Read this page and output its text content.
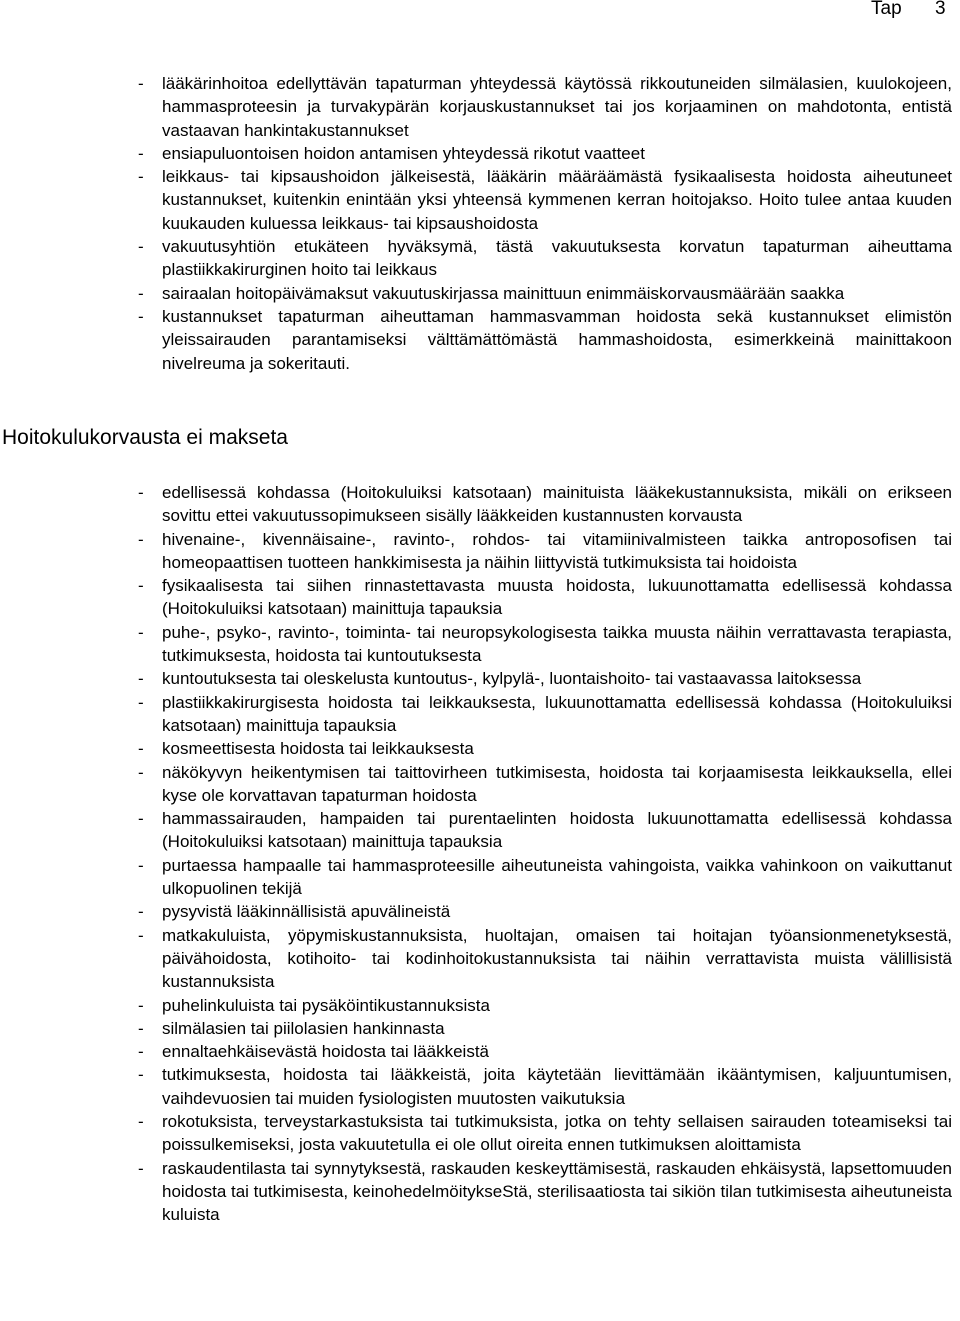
Tap 3
- lääkärinhoitoa edellyttävän tapaturman yhteydessä käytössä rikkoutuneiden silmälasien, kuulokojeen, hammasproteesin ja turvakypärän korjauskustannukset tai jos korjaaminen on mahdotonta, entistä vastaavan hankintakustannukset
- ensiapuluontoisen hoidon antamisen yhteydessä rikotut vaatteet
- leikkaus- tai kipsaushoidon jälkeisestä, lääkärin määräämästä fysikaalisesta hoidosta aiheutuneet kustannukset, kuitenkin enintään yksi yhteensä kymmenen kerran hoitojakso. Hoito tulee antaa kuuden kuukauden kuluessa leikkaus- tai kipsaushoidosta
- vakuutusyhtiön etukäteen hyväksymä, tästä vakuutuksesta korvatun tapaturman aiheuttama plastiikkakirurginen hoito tai leikkaus
- sairaalan hoitopäivämaksut vakuutuskirjassa mainittuun enimmäiskorvausmäärään saakka
- kustannukset tapaturman aiheuttaman hammasvamman hoidosta sekä kustannukset elimistön yleissairauden parantamiseksi välttämättömästä hammashoidosta, esimerkkeinä mainittakoon nivelreuma ja sokeritauti.
Hoitokulukorvausta ei makseta
- edellisessä kohdassa (Hoitokuluiksi katsotaan) mainituista lääkekustannuksista, mikäli on erikseen sovittu ettei vakuutussopimukseen sisälly lääkkeiden kustannusten korvausta
- hivenaine-, kivennäisaine-, ravinto-, rohdos- tai vitamiinivalmisteen taikka antroposofisen tai homeopaattisen tuotteen hankkimisesta ja näihin liittyvistä tutkimuksista tai hoidoista
- fysikaalisesta tai siihen rinnastettavasta muusta hoidosta, lukuunottamatta edellisessä kohdassa (Hoitokuluiksi katsotaan) mainittuja tapauksia
- puhe-, psyko-, ravinto-, toiminta- tai neuropsykologisesta taikka muusta näihin verrattavasta terapiasta, tutkimuksesta, hoidosta tai kuntoutuksesta
- kuntoutuksesta tai oleskelusta kuntoutus-, kylpylä-, luontaishoito- tai vastaavassa laitoksessa
- plastiikkakirurgisesta hoidosta tai leikkauksesta, lukuunottamatta edellisessä kohdassa (Hoitokuluiksi katsotaan) mainittuja tapauksia
- kosmeettisesta hoidosta tai leikkauksesta
- näkökyvyn heikentymisen tai taittovirheen tutkimisesta, hoidosta tai korjaamisesta leikkauksella, ellei kyse ole korvattavan tapaturman hoidosta
- hammassairauden, hampaiden tai purentaelinten hoidosta lukuunottamatta edellisessä kohdassa (Hoitokuluiksi katsotaan) mainittuja tapauksia
- purtaessa hampaalle tai hammasproteesille aiheutuneista vahingoista, vaikka vahinkoon on vaikuttanut ulkopuolinen tekijä
- pysyvistä lääkinnällisistä apuvälineistä
- matkakuluista, yöpymiskustannuksista, huoltajan, omaisen tai hoitajan työansionmenetyksestä, päivähoidosta, kotihoito- tai kodinhoitokustannuksista tai näihin verrattavista muista välillisistä kustannuksista
- puhelinkuluista tai pysäköintikustannuksista
- silmälasien tai piilolasien hankinnasta
- ennaltaehkäisevästä hoidosta tai lääkkeistä
- tutkimuksesta, hoidosta tai lääkkeistä, joita käytetään lievittämään ikääntymisen, kaljuuntumisen, vaihdevuosien tai muiden fysiologisten muutosten vaikutuksia
- rokotuksista, terveystarkastuksista tai tutkimuksista, jotka on tehty sellaisen sairauden toteamiseksi tai poissulkemiseksi, josta vakuutetulla ei ole ollut oireita ennen tutkimuksen aloittamista
- raskaudentilasta tai synnytyksestä, raskauden keskeyttämisestä, raskauden ehkäisystä, lapsettomuuden hoidosta tai tutkimisesta, keinohedelmöitykseStä, sterilisaatiosta tai sikiön tilan tutkimisesta aiheutuneista kuluista
